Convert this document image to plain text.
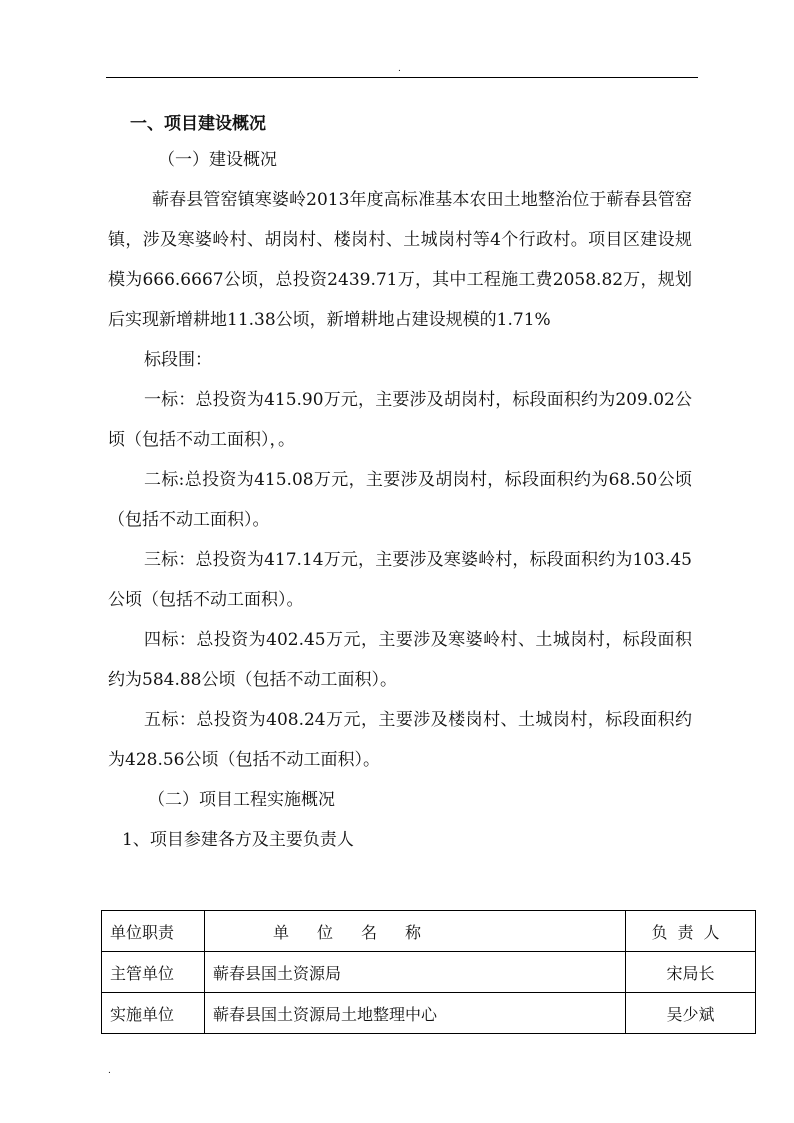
.

一、项目建设概况

（一）建设概况

蕲春县管窑镇寒婆岭2013年度高标准基本农田土地整治位于蕲春县管窑镇，涉及寒婆岭村、胡岗村、楼岗村、土城岗村等4个行政村。项目区建设规模为666.6667公顷，总投资2439.71万，其中工程施工费2058.82万，规划后实现新增耕地11.38公顷，新增耕地占建设规模的1.71%

标段围：

一标：总投资为415.90万元，主要涉及胡岗村，标段面积约为209.02公顷（包括不动工面积），。

二标:总投资为415.08万元，主要涉及胡岗村，标段面积约为68.50公顷（包括不动工面积）。

三标：总投资为417.14万元，主要涉及寒婆岭村，标段面积约为103.45公顷（包括不动工面积）。

四标：总投资为402.45万元，主要涉及寒婆岭村、土城岗村，标段面积约为584.88公顷（包括不动工面积）。

五标：总投资为408.24万元，主要涉及楼岗村、土城岗村，标段面积约为428.56公顷（包括不动工面积）。

（二）项目工程实施概况

1、项目参建各方及主要负责人

单位职责	单位名称	负责人
主管单位	蕲春县国土资源局	宋局长
实施单位	蕲春县国土资源局土地整理中心	吴少斌
.
